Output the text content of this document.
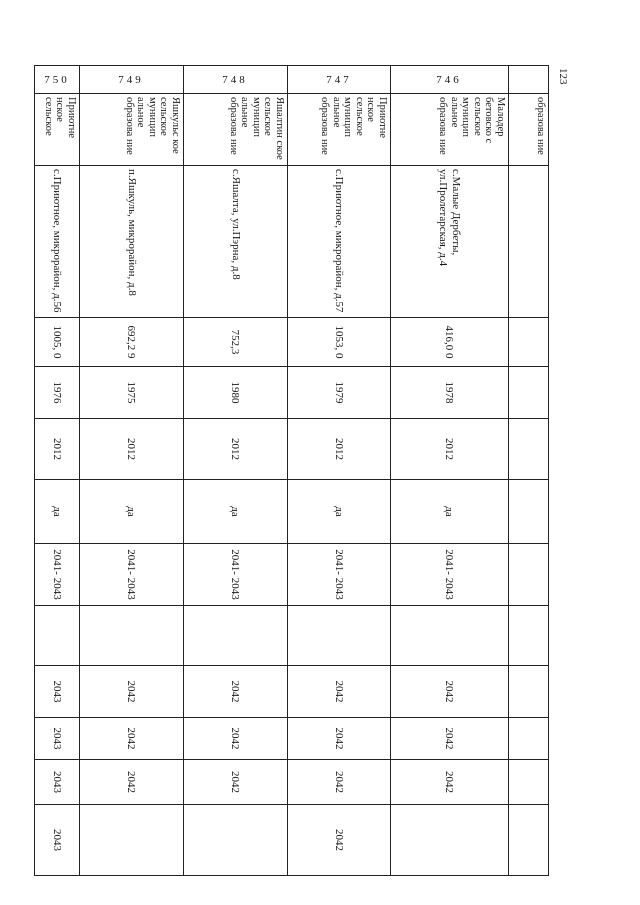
123
	образова ние												
746	Малодер бетовско с сельское муницип альное образова ние	с.Малые Дербеты, ул.Пролетарская, д.4	416,0 0	1978	2012	да	2041- 2043		2042	2042	2042		
747	Приютне нское сельское муницип альное образова ние	с.Приютное, микрорайон, д.57	1053, 0	1979	2012	да	2041- 2043		2042	2042	2042	2042	
748	Яшалтин ское сельское муницип альное образова ние	с.Яшалта, ул.Пэрна, д.8	752,3	1980	2012	да	2041- 2043		2042	2042	2042		
749	Яшкульс кое сельское муницип альное образова ние	п.Яшкуль, микрорайон, д.8	692,2 9	1975	2012	да	2041- 2043		2042	2042	2042		
750	Приютне нское сельское	с.Приютное, микрорайон, д.56	1005, 0	1976	2012	да	2041- 2043		2043	2043	2043	2043	
